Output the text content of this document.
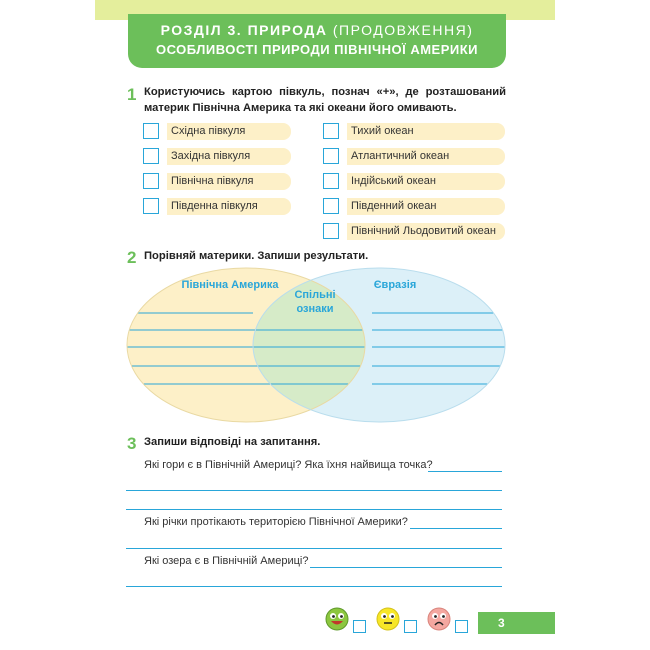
РОЗДІЛ 3. ПРИРОДА (ПРОДОВЖЕННЯ)
ОСОБЛИВОСТІ ПРИРОДИ ПІВНІЧНОЇ АМЕРИКИ
1 Користуючись картою півкуль, познач «+», де розташований
материк Північна Америка та які океани його омивають.
Східна півкуля
Західна півкуля
Північна півкуля
Південна півкуля
Тихий океан
Атлантичний океан
Індійський океан
Південний океан
Північний Льодовитий океан
2 Порівняй материки. Запиши результати.
Північна Америка	Євразія
Спільні
ознаки
3 Запиши відповіді на запитання.
Які гори є в Північній Америці? Яка їхня найвища точка?
Які річки протікають територією Північної Америки?
Які озера є в Північній Америці?
3
